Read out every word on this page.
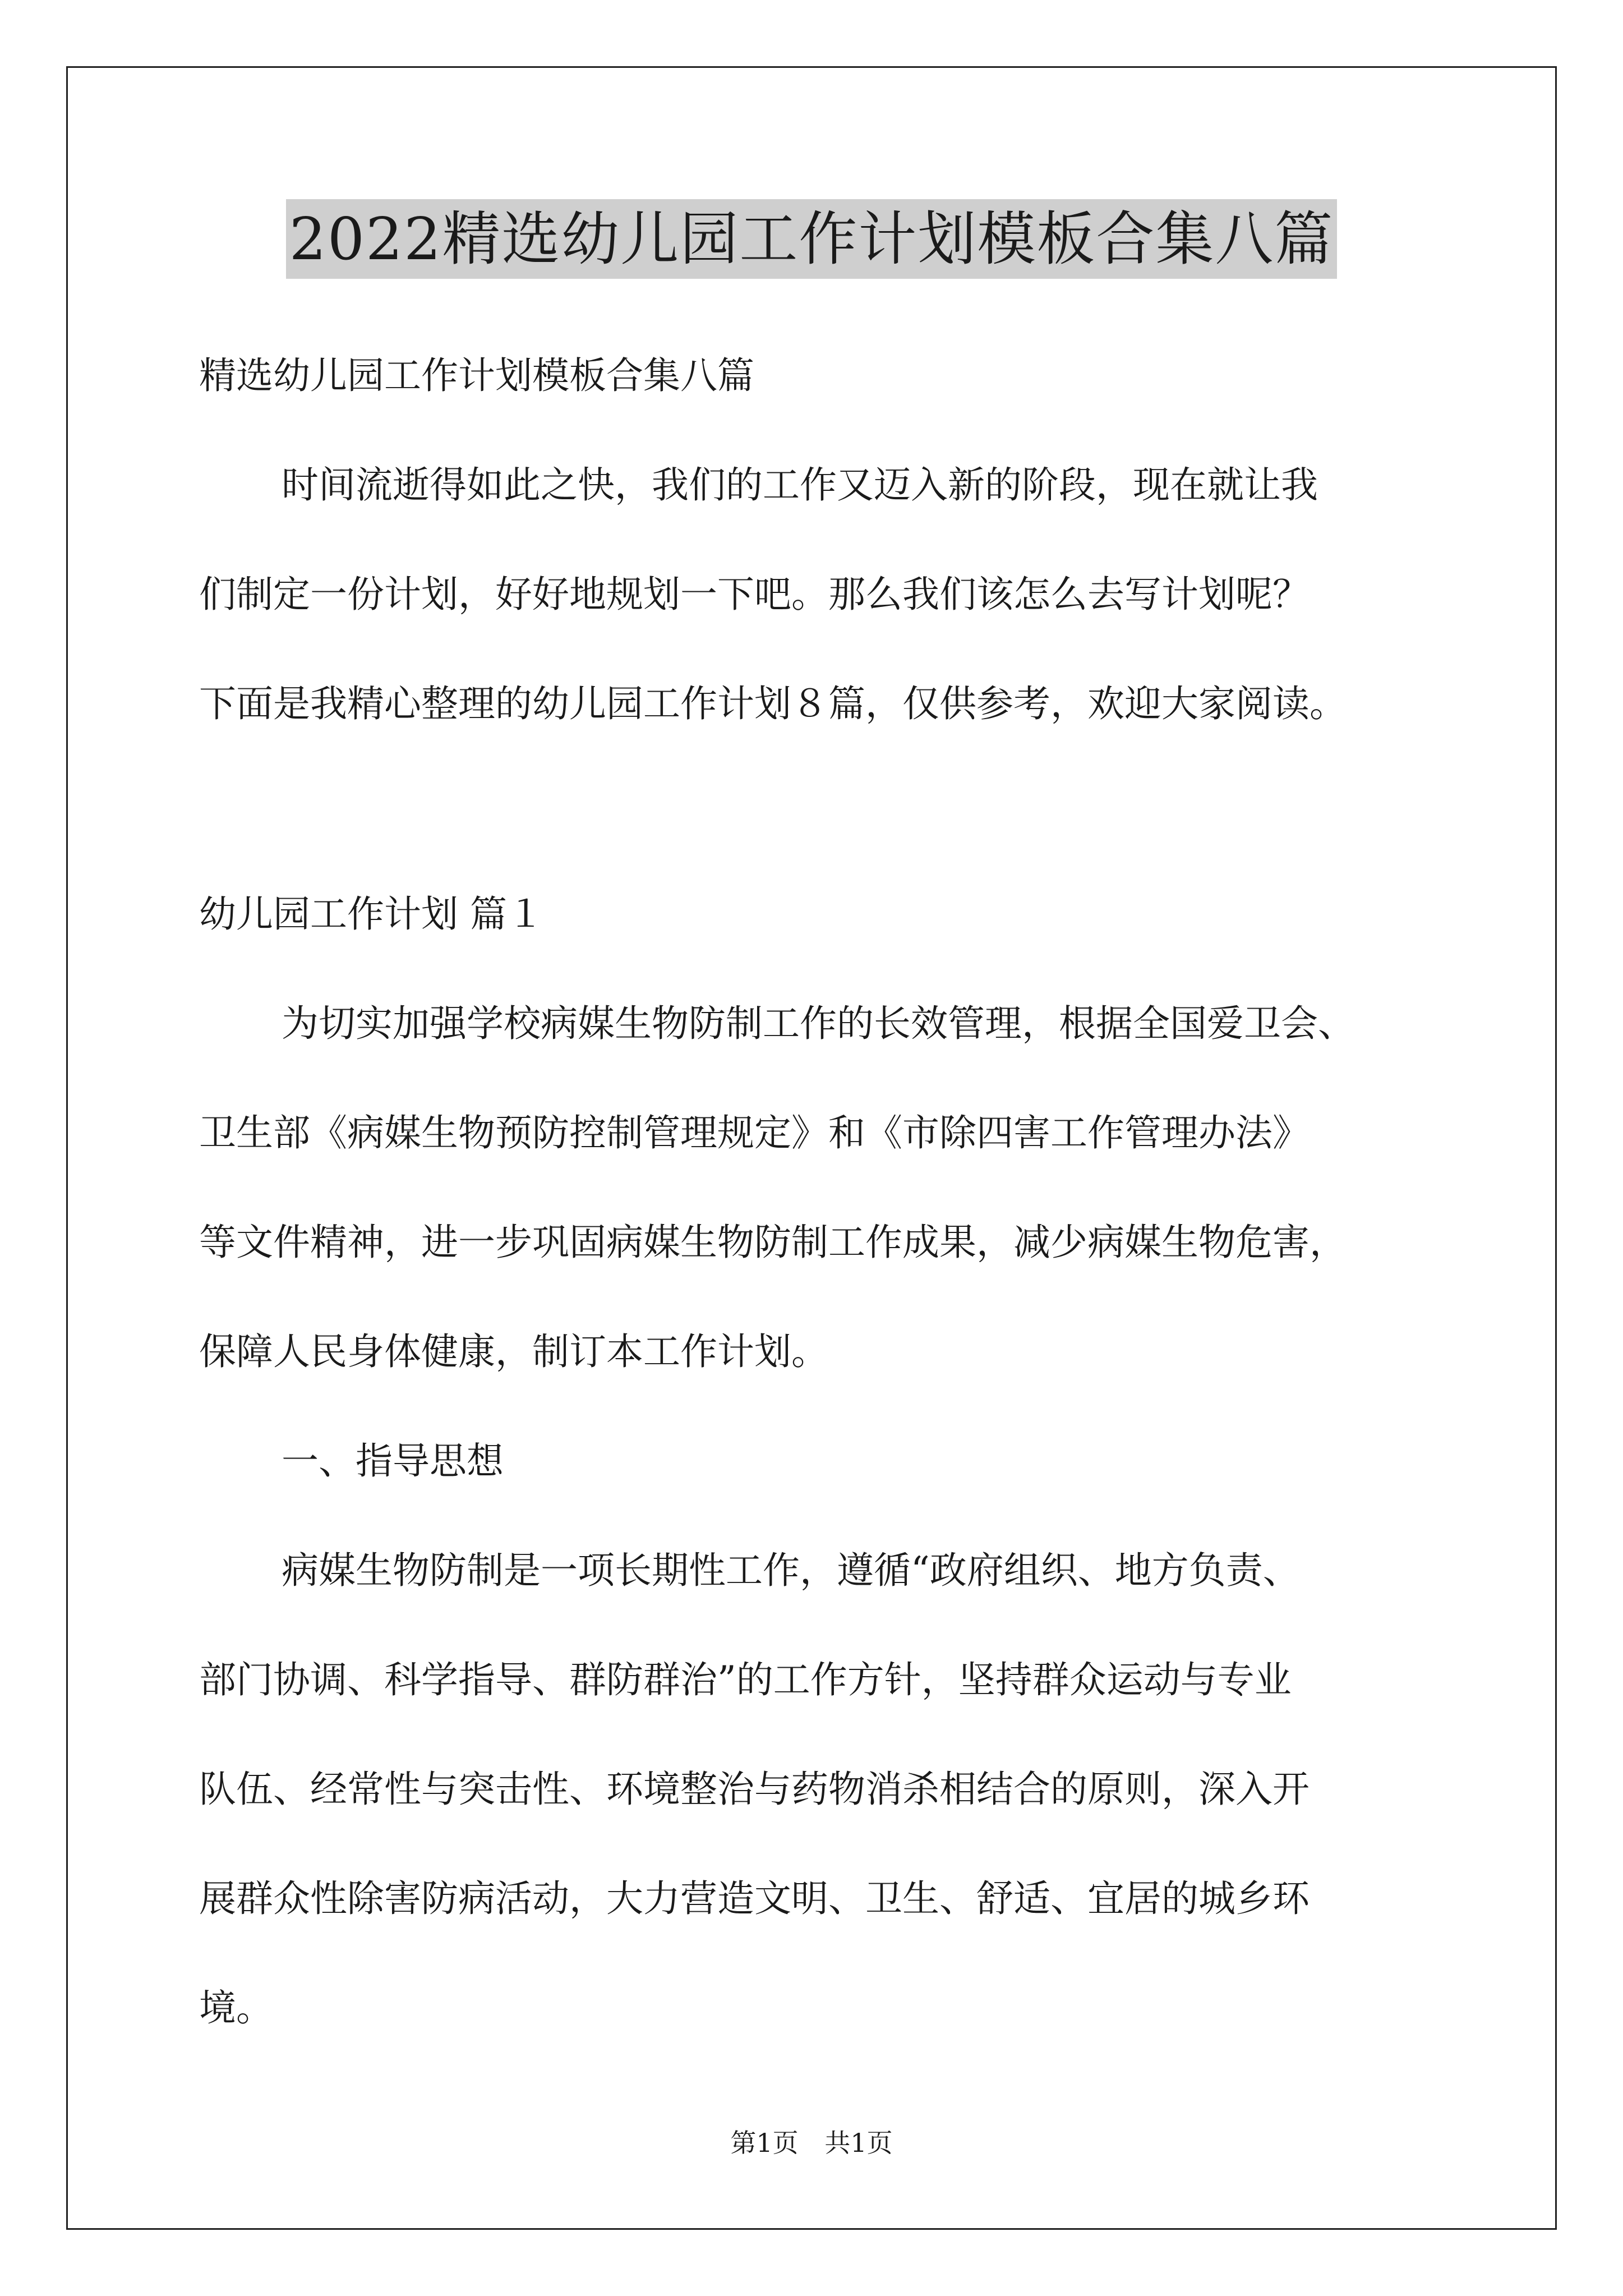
2022精选幼儿园工作计划模板合集八篇
精选幼儿园工作计划模板合集八篇
时间流逝得如此之快，我们的工作又迈入新的阶段，现在就让我
们制定一份计划，好好地规划一下吧。那么我们该怎么去写计划呢？
下面是我精心整理的幼儿园工作计划８篇，仅供参考，欢迎大家阅读。
幼儿园工作计划 篇１
为切实加强学校病媒生物防制工作的长效管理，根据全国爱卫会、
卫生部《病媒生物预防控制管理规定》和《市除四害工作管理办法》
等文件精神，进一步巩固病媒生物防制工作成果，减少病媒生物危害，
保障人民身体健康，制订本工作计划。
一、指导思想
病媒生物防制是一项长期性工作，遵循“政府组织、地方负责、
部门协调、科学指导、群防群治”的工作方针，坚持群众运动与专业
队伍、经常性与突击性、环境整治与药物消杀相结合的原则，深入开
展群众性除害防病活动，大力营造文明、卫生、舒适、宜居的城乡环
境。
第1页 共1页
